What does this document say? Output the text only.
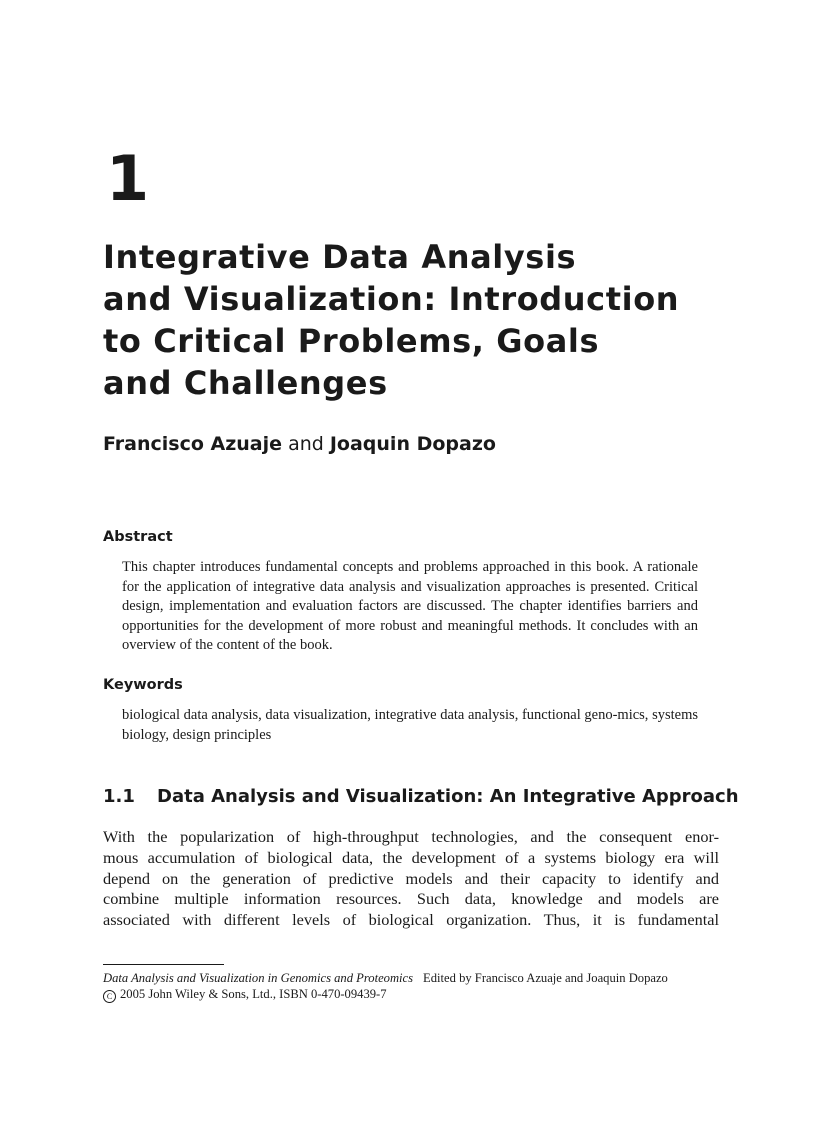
1
Integrative Data Analysis
and Visualization: Introduction
to Critical Problems, Goals
and Challenges
Francisco Azuaje and Joaquin Dopazo
Abstract

This chapter introduces fundamental concepts and problems approached in this book. A rationale for the application of integrative data analysis and visualization approaches is presented. Critical design, implementation and evaluation factors are discussed. The chapter identifies barriers and opportunities for the development of more robust and meaningful methods. It concludes with an overview of the content of the book.

Keywords

biological data analysis, data visualization, integrative data analysis, functional geno-mics, systems biology, design principles

1.1 Data Analysis and Visualization: An Integrative Approach
With the popularization of high-throughput technologies, and the consequent enor-
mous accumulation of biological data, the development of a systems biology era will
depend on the generation of predictive models and their capacity to identify and
combine multiple information resources. Such data, knowledge and models are
associated with different levels of biological organization. Thus, it is fundamental
Data Analysis and Visualization in Genomics and Proteomics Edited by Francisco Azuaje and Joaquin Dopazo
C 2005 John Wiley & Sons, Ltd., ISBN 0-470-09439-7
